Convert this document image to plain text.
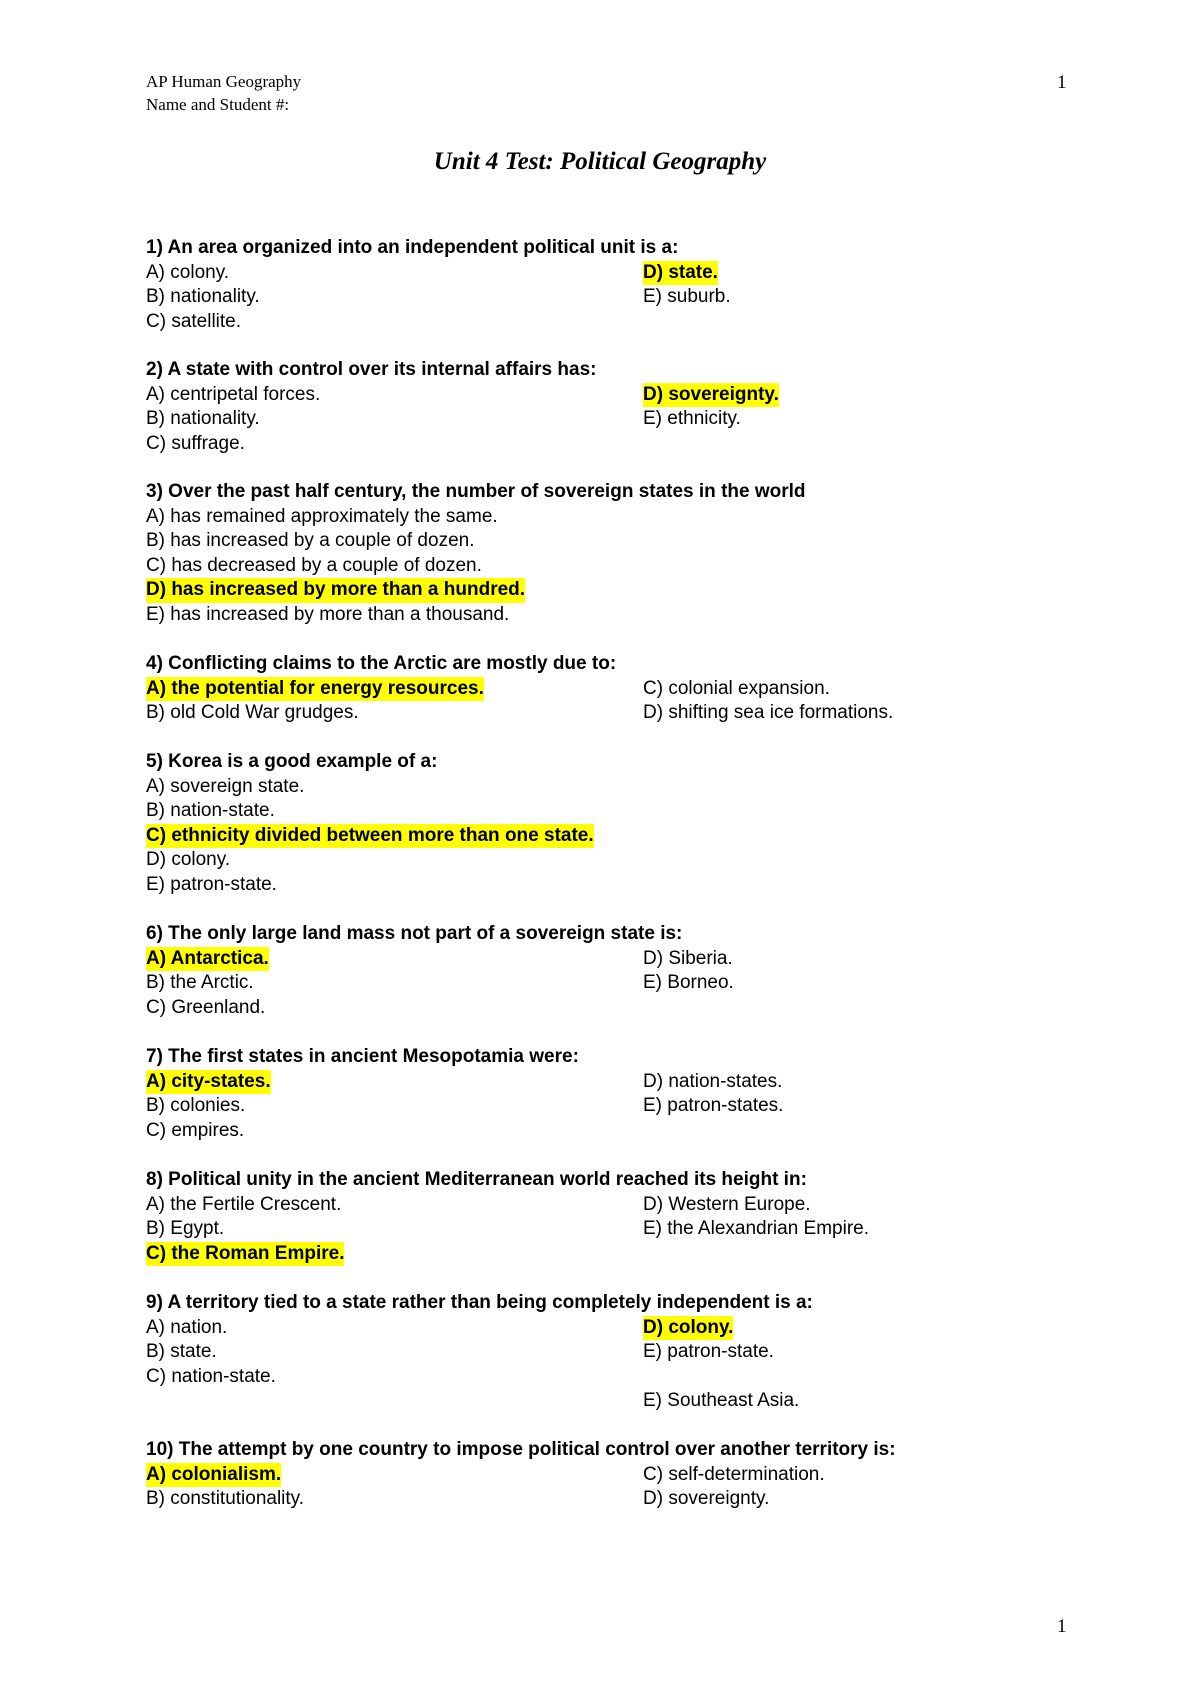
AP Human Geography
Name and Student #:
1
Unit 4 Test: Political Geography
1) An area organized into an independent political unit is a:
A) colony.	D) state.
B) nationality.	E) suburb.
C) satellite.
2) A state with control over its internal affairs has:
A) centripetal forces.	D) sovereignty.
B) nationality.	E) ethnicity.
C) suffrage.
3) Over the past half century, the number of sovereign states in the world
A) has remained approximately the same.
B) has increased by a couple of dozen.
C) has decreased by a couple of dozen.
D) has increased by more than a hundred.
E) has increased by more than a thousand.
4) Conflicting claims to the Arctic are mostly due to:
A) the potential for energy resources.	C) colonial expansion.
B) old Cold War grudges.	D) shifting sea ice formations.
5) Korea is a good example of a:
A) sovereign state.
B) nation-state.
C) ethnicity divided between more than one state.
D) colony.
E) patron-state.
6) The only large land mass not part of a sovereign state is:
A) Antarctica.	D) Siberia.
B) the Arctic.	E) Borneo.
C) Greenland.
7) The first states in ancient Mesopotamia were:
A) city-states.	D) nation-states.
B) colonies.	E) patron-states.
C) empires.
8) Political unity in the ancient Mediterranean world reached its height in:
A) the Fertile Crescent.	D) Western Europe.
B) Egypt.	E) the Alexandrian Empire.
C) the Roman Empire.
9) A territory tied to a state rather than being completely independent is a:
A) nation.	D) colony.
B) state.	E) patron-state.
C) nation-state.
E) Southeast Asia.
10) The attempt by one country to impose political control over another territory is:
A) colonialism.	C) self-determination.
B) constitutionality.	D) sovereignty.
1
